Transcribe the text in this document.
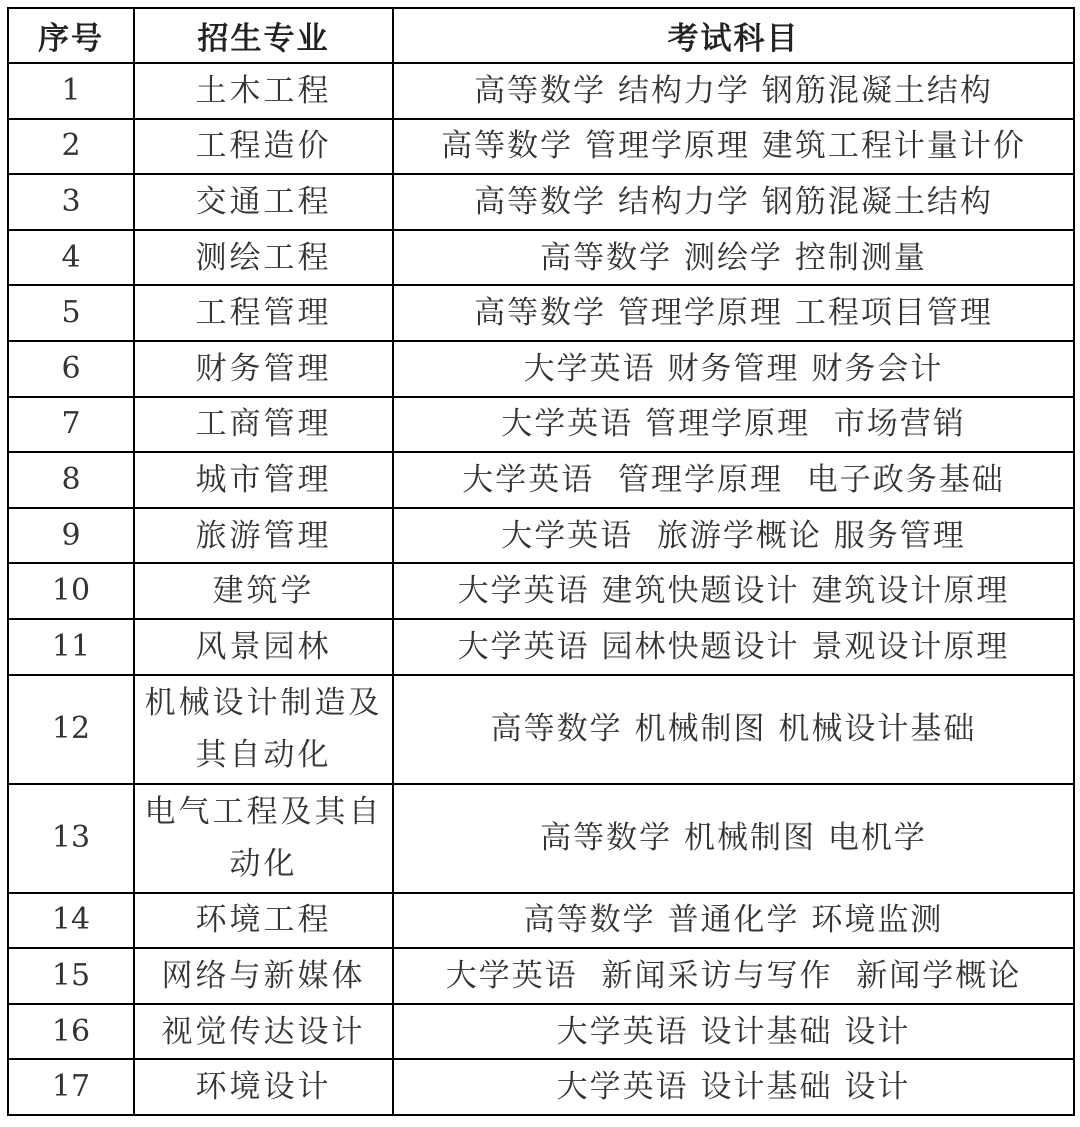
序号	招生专业	考试科目
1	土木工程	高等数学 结构力学 钢筋混凝土结构
2	工程造价	高等数学 管理学原理 建筑工程计量计价
3	交通工程	高等数学 结构力学 钢筋混凝土结构
4	测绘工程	高等数学 测绘学 控制测量
5	工程管理	高等数学 管理学原理 工程项目管理
6	财务管理	大学英语 财务管理 财务会计
7	工商管理	大学英语 管理学原理  市场营销
8	城市管理	大学英语  管理学原理  电子政务基础
9	旅游管理	大学英语  旅游学概论 服务管理
10	建筑学	大学英语 建筑快题设计 建筑设计原理
11	风景园林	大学英语 园林快题设计 景观设计原理
12	机械设计制造及其自动化	高等数学 机械制图 机械设计基础
13	电气工程及其自动化	高等数学 机械制图 电机学
14	环境工程	高等数学 普通化学 环境监测
15	网络与新媒体	大学英语  新闻采访与写作  新闻学概论
16	视觉传达设计	大学英语 设计基础 设计
17	环境设计	大学英语 设计基础 设计
